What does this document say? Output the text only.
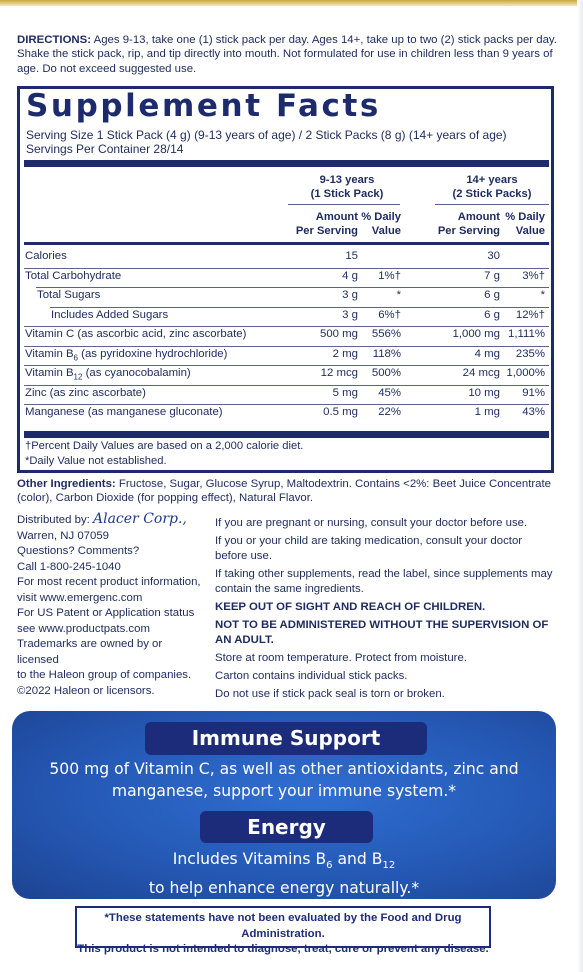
DIRECTIONS: Ages 9-13, take one (1) stick pack per day. Ages 14+, take up to two (2) stick packs per day. Shake the stick pack, rip, and tip directly into mouth. Not formulated for use in children less than 9 years of age. Do not exceed suggested use.
Supplement Facts
Serving Size 1 Stick Pack (4 g) (9-13 years of age) / 2 Stick Packs (8 g) (14+ years of age)
Servings Per Container 28/14
9-13 years
(1 Stick Pack)
14+ years
(2 Stick Packs)
Amount
Per Serving
% Daily
Value
Amount
Per Serving
% Daily
Value
Calories	15	30
Total Carbohydrate	4 g 1%†	7 g 3%†
Total Sugars	3 g	*	6 g	*
Includes Added Sugars	3 g 6%†	6 g 12%†
Vitamin C (as ascorbic acid, zinc ascorbate)	500 mg 556%	1,000 mg 1,111%
Vitamin $B_6$ (as pyridoxine hydrochloride)	2 mg 118%	4 mg 235%
Vitamin $B_{12}$ (as cyanocobalamin)	12 mcg 500%	24 mcg 1,000%
Zinc (as zinc ascorbate)	5 mg 45%	10 mg 91%
Manganese (as manganese gluconate)	0.5 mg 22%	1 mg 43%
†Percent Daily Values are based on a 2,000 calorie diet.
*Daily Value not established.
Other Ingredients: Fructose, Sugar, Glucose Syrup, Maltodextrin. Contains <2%: Beet Juice Concentrate (color), Carbon Dioxide (for popping effect), Natural Flavor.
Distributed by: Alacer Corp.,
Warren, NJ 07059
Questions? Comments?
Call 1-800-245-1040
For most recent product information,
visit www.emergenc.com
For US Patent or Application status
see www.productpats.com
Trademarks are owned by or licensed
to the Haleon group of companies.
©2022 Haleon or licensors.
If you are pregnant or nursing, consult your doctor before use.
If you or your child are taking medication, consult your doctor before use.
If taking other supplements, read the label, since supplements may contain the same ingredients.
KEEP OUT OF SIGHT AND REACH OF CHILDREN.
NOT TO BE ADMINISTERED WITHOUT THE SUPERVISION OF AN ADULT.
Store at room temperature. Protect from moisture.
Carton contains individual stick packs.
Do not use if stick pack seal is torn or broken.
Immune Support
500 mg of Vitamin C, as well as other antioxidants, zinc and manganese, support your immune system.*
Energy
Includes Vitamins $B_6$ and $B_{12}$
to help enhance energy naturally.*
*These statements have not been evaluated by the Food and Drug Administration.
This product is not intended to diagnose, treat, cure or prevent any disease.
